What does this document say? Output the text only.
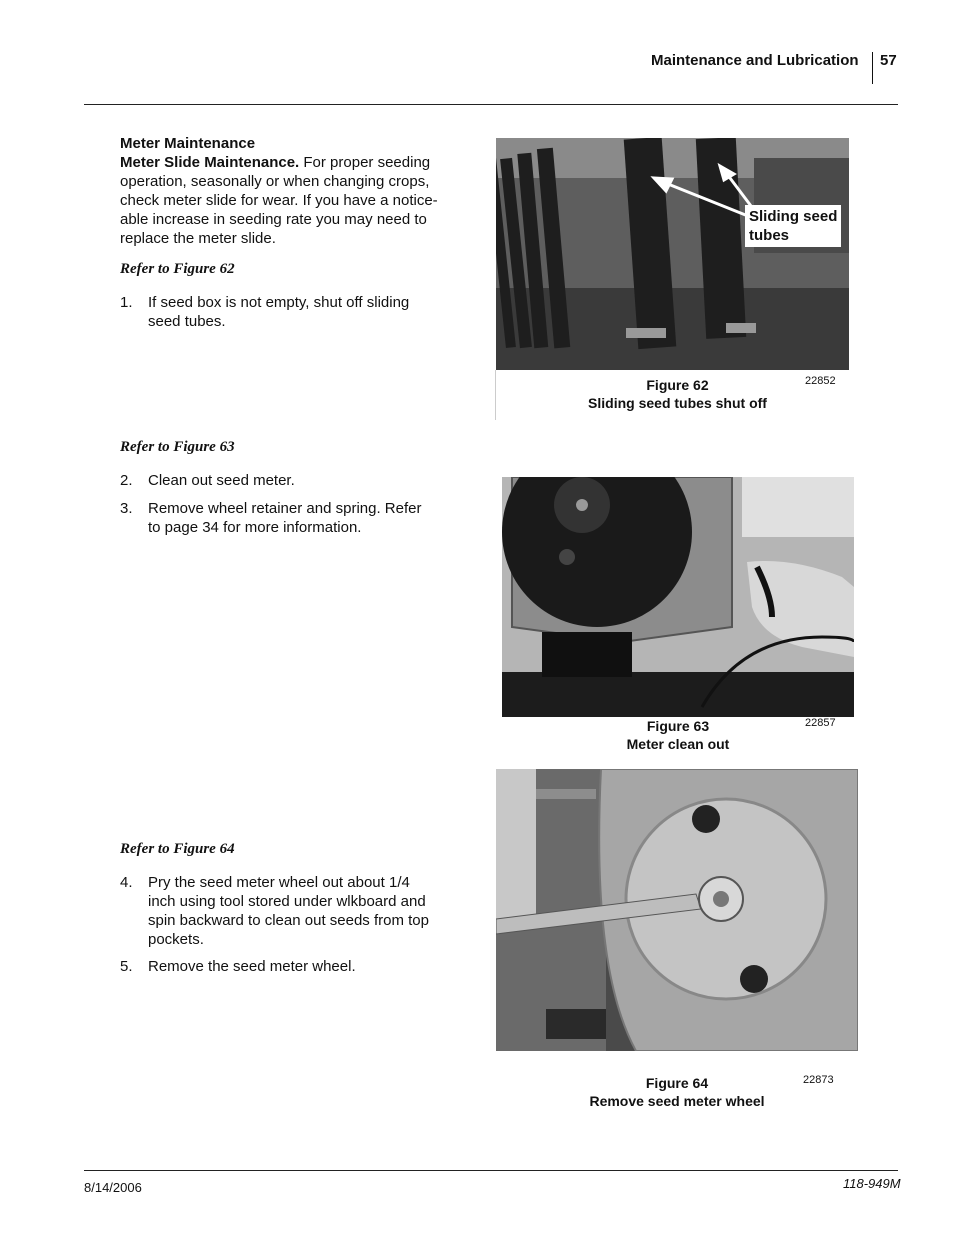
Maintenance and Lubrication 57
Meter Maintenance
Meter Slide Maintenance. For proper seeding
operation, seasonally or when changing crops,
check meter slide for wear. If you have a notice-
able increase in seeding rate you may need to
replace the meter slide.
Refer to Figure 62
1. If seed box is not empty, shut off sliding
seed tubes.
Refer to Figure 63
2. Clean out seed meter.
3. Remove wheel retainer and spring. Refer
to page 34 for more information.
Refer to Figure 64
4. Pry the seed meter wheel out about 1/4
inch using tool stored under wlkboard and
spin backward to clean out seeds from top
pockets.
5. Remove the seed meter wheel.
Sliding seed
tubes
Figure 62
Sliding seed tubes shut off
22852
Figure 63
Meter clean out
22857
Figure 64
Remove seed meter wheel
22873
8/14/2006	118-949M
